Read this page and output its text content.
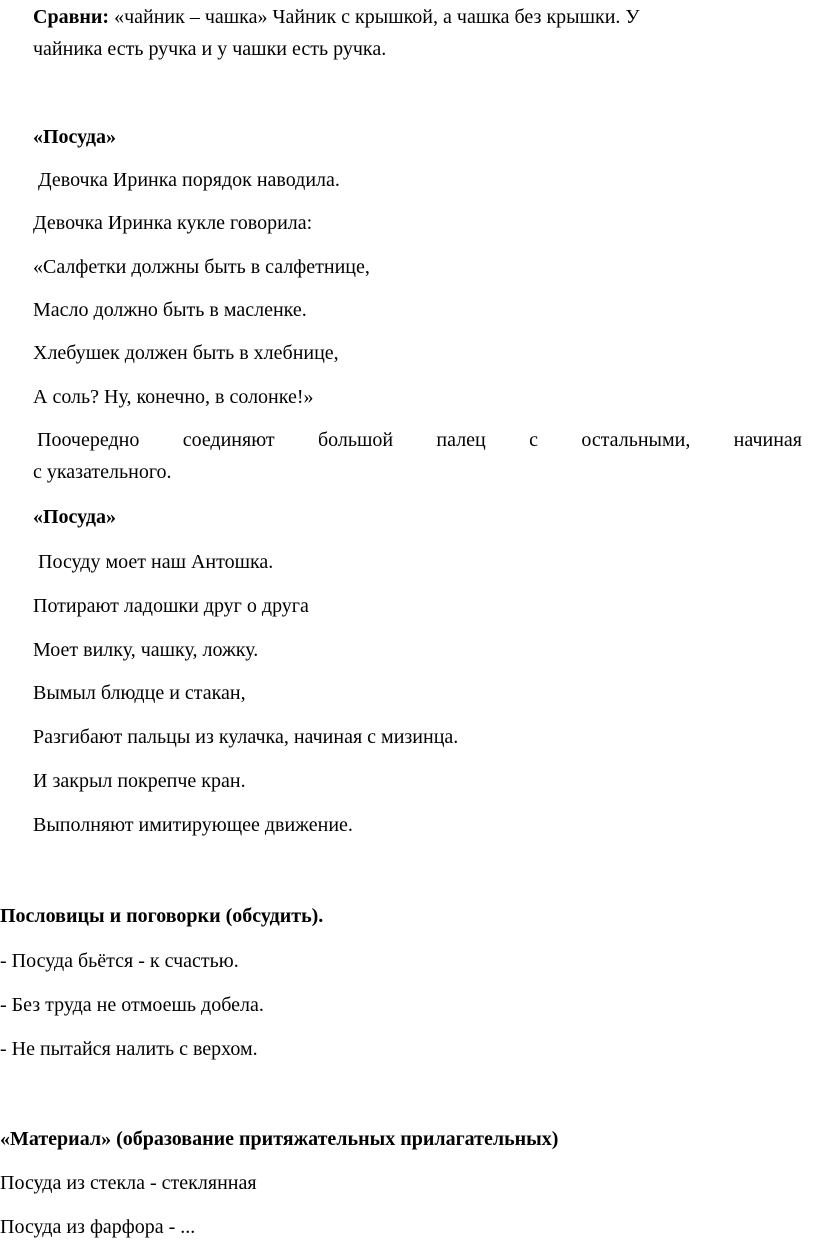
Сравни: «чайник – чашка» Чайник с крышкой, а чашка без крышки. У
чайника есть ручка и у чашки есть ручка.
«Посуда»
Девочка Иринка порядок наводила.
Девочка Иринка кукле говорила:
«Салфетки должны быть в салфетнице,
Масло должно быть в масленке.
Хлебушек должен быть в хлебнице,
А соль? Ну, конечно, в солонке!»
Поочередно соединяют большой палец с остальными, начиная
с указательного.
«Посуда»
Посуду моет наш Антошка.
Потирают ладошки друг о друга
Моет вилку, чашку, ложку.
Вымыл блюдце и стакан,
Разгибают пальцы из кулачка, начиная с мизинца.
И закрыл покрепче кран.
Выполняют имитирующее движение.
Пословицы и поговорки (обсудить).
- Посуда бьётся - к счастью.
- Без труда не отмоешь добела.
- Не пытайся налить с верхом.
«Материал» (образование притяжательных прилагательных)
Посуда из стекла - стеклянная
Посуда из фарфора - ...
